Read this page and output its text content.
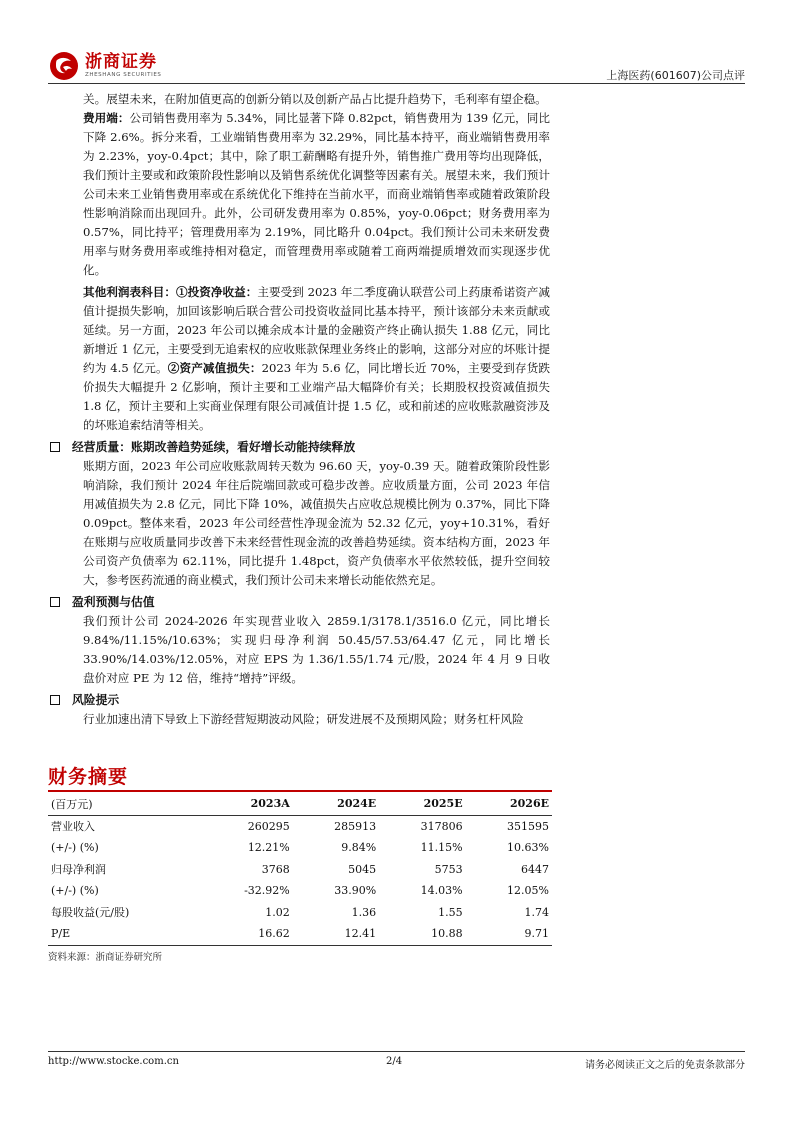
浙商证券
ZHESHANG SECURITIES	上海医药(601607)公司点评

关。展望未来，在附加值更高的创新分销以及创新产品占比提升趋势下，毛利率有望企稳。

费用端：公司销售费用率为 5.34%，同比显著下降 0.82pct，销售费用为 139 亿元，同比下降 2.6%。拆分来看，工业端销售费用率为 32.29%，同比基本持平，商业端销售费用率为 2.23%，yoy-0.4pct；其中，除了职工薪酬略有提升外，销售推广费用等均出现降低，我们预计主要或和政策阶段性影响以及销售系统优化调整等因素有关。展望未来，我们预计公司未来工业销售费用率或在系统优化下维持在当前水平，而商业端销售率或随着政策阶段性影响消除而出现回升。此外，公司研发费用率为 0.85%，yoy-0.06pct；财务费用率为 0.57%，同比持平；管理费用率为 2.19%，同比略升 0.04pct。我们预计公司未来研发费用率与财务费用率或维持相对稳定，而管理费用率或随着工商两端提质增效而实现逐步优化。

其他利润表科目：①投资净收益：主要受到 2023 年二季度确认联营公司上药康希诺资产减值计提损失影响，加回该影响后联合营公司投资收益同比基本持平，预计该部分未来贡献或延续。另一方面，2023 年公司以摊余成本计量的金融资产终止确认损失 1.88 亿元，同比新增近 1 亿元，主要受到无追索权的应收账款保理业务终止的影响，这部分对应的坏账计提约为 4.5 亿元。②资产减值损失：2023 年为 5.6 亿，同比增长近 70%，主要受到存货跌价损失大幅提升 2 亿影响，预计主要和工业端产品大幅降价有关；长期股权投资减值损失 1.8 亿，预计主要和上实商业保理有限公司减值计提 1.5 亿，或和前述的应收账款融资涉及的坏账追索结清等相关。

经营质量：账期改善趋势延续，看好增长动能持续释放

账期方面，2023 年公司应收账款周转天数为 96.60 天，yoy-0.39 天。随着政策阶段性影响消除，我们预计 2024 年往后院端回款或可稳步改善。应收质量方面，公司 2023 年信用减值损失为 2.8 亿元，同比下降 10%，减值损失占应收总规模比例为 0.37%，同比下降 0.09pct。整体来看，2023 年公司经营性净现金流为 52.32 亿元，yoy+10.31%，看好在账期与应收质量同步改善下未来经营性现金流的改善趋势延续。资本结构方面，2023 年公司资产负债率为 62.11%，同比提升 1.48pct，资产负债率水平依然较低，提升空间较大，参考医药流通的商业模式，我们预计公司未来增长动能依然充足。

盈利预测与估值

我们预计公司 2024-2026 年实现营业收入 2859.1/3178.1/3516.0 亿元，同比增长 9.84%/11.15%/10.63%；实现归母净利润 50.45/57.53/64.47 亿元，同比增长 33.90%/14.03%/12.05%，对应 EPS 为 1.36/1.55/1.74 元/股，2024 年 4 月 9 日收盘价对应 PE 为 12 倍，维持“增持”评级。

风险提示

行业加速出清下导致上下游经营短期波动风险；研发进展不及预期风险；财务杠杆风险

财务摘要
(百万元)	2023A	2024E	2025E	2026E
营业收入	260295	285913	317806	351595
(+/-) (%)	12.21%	9.84%	11.15%	10.63%
归母净利润	3768	5045	5753	6447
(+/-) (%)	-32.92%	33.90%	14.03%	12.05%
每股收益(元/股)	1.02	1.36	1.55	1.74
P/E	16.62	12.41	10.88	9.71
资料来源：浙商证券研究所
http://www.stocke.com.cn	2/4	请务必阅读正文之后的免责条款部分
